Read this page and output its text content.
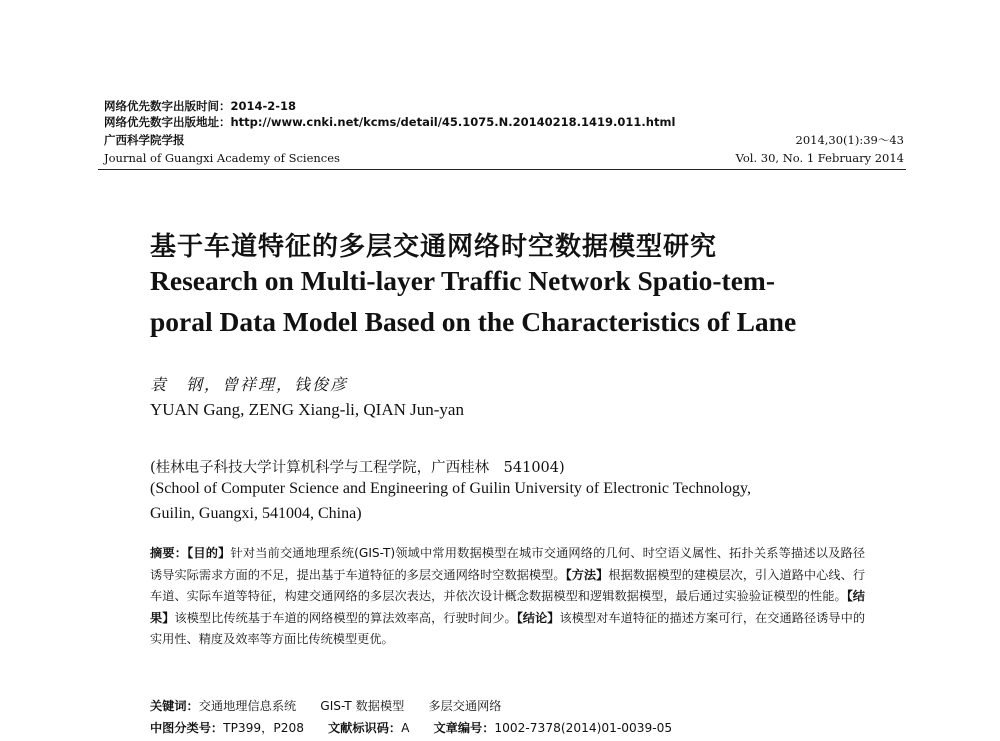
网络优先数字出版时间：2014-2-18
网络优先数字出版地址：http://www.cnki.net/kcms/detail/45.1075.N.20140218.1419.011.html
广西科学院学报	2014,30(1):39～43
Journal of Guangxi Academy of Sciences	Vol. 30, No. 1 February 2014
基于车道特征的多层交通网络时空数据模型研究
Research on Multi-layer Traffic Network Spatio-tem-
poral Data Model Based on the Characteristics of Lane
袁　钢，曾祥理，钱俊彦
YUAN Gang, ZENG Xiang-li, QIAN Jun-yan
(桂林电子科技大学计算机科学与工程学院，广西桂林　541004)
(School of Computer Science and Engineering of Guilin University of Electronic Technology,
Guilin, Guangxi, 541004, China)
摘要：【目的】针对当前交通地理系统(GIS-T)领域中常用数据模型在城市交通网络的几何、时空语义属性、拓扑关系等描述以及路径诱导实际需求方面的不足，提出基于车道特征的多层交通网络时空数据模型。【方法】根据数据模型的建模层次，引入道路中心线、行车道、实际车道等特征，构建交通网络的多层次表达，并依次设计概念数据模型和逻辑数据模型，最后通过实验验证模型的性能。【结果】该模型比传统基于车道的网络模型的算法效率高，行驶时间少。【结论】该模型对车道特征的描述方案可行，在交通路径诱导中的实用性、精度及效率等方面比传统模型更优。
关键词：交通地理信息系统 GIS-T 数据模型 多层交通网络
中图分类号：TP399，P208 文献标识码：A 文章编号：1002-7378(2014)01-0039-05
